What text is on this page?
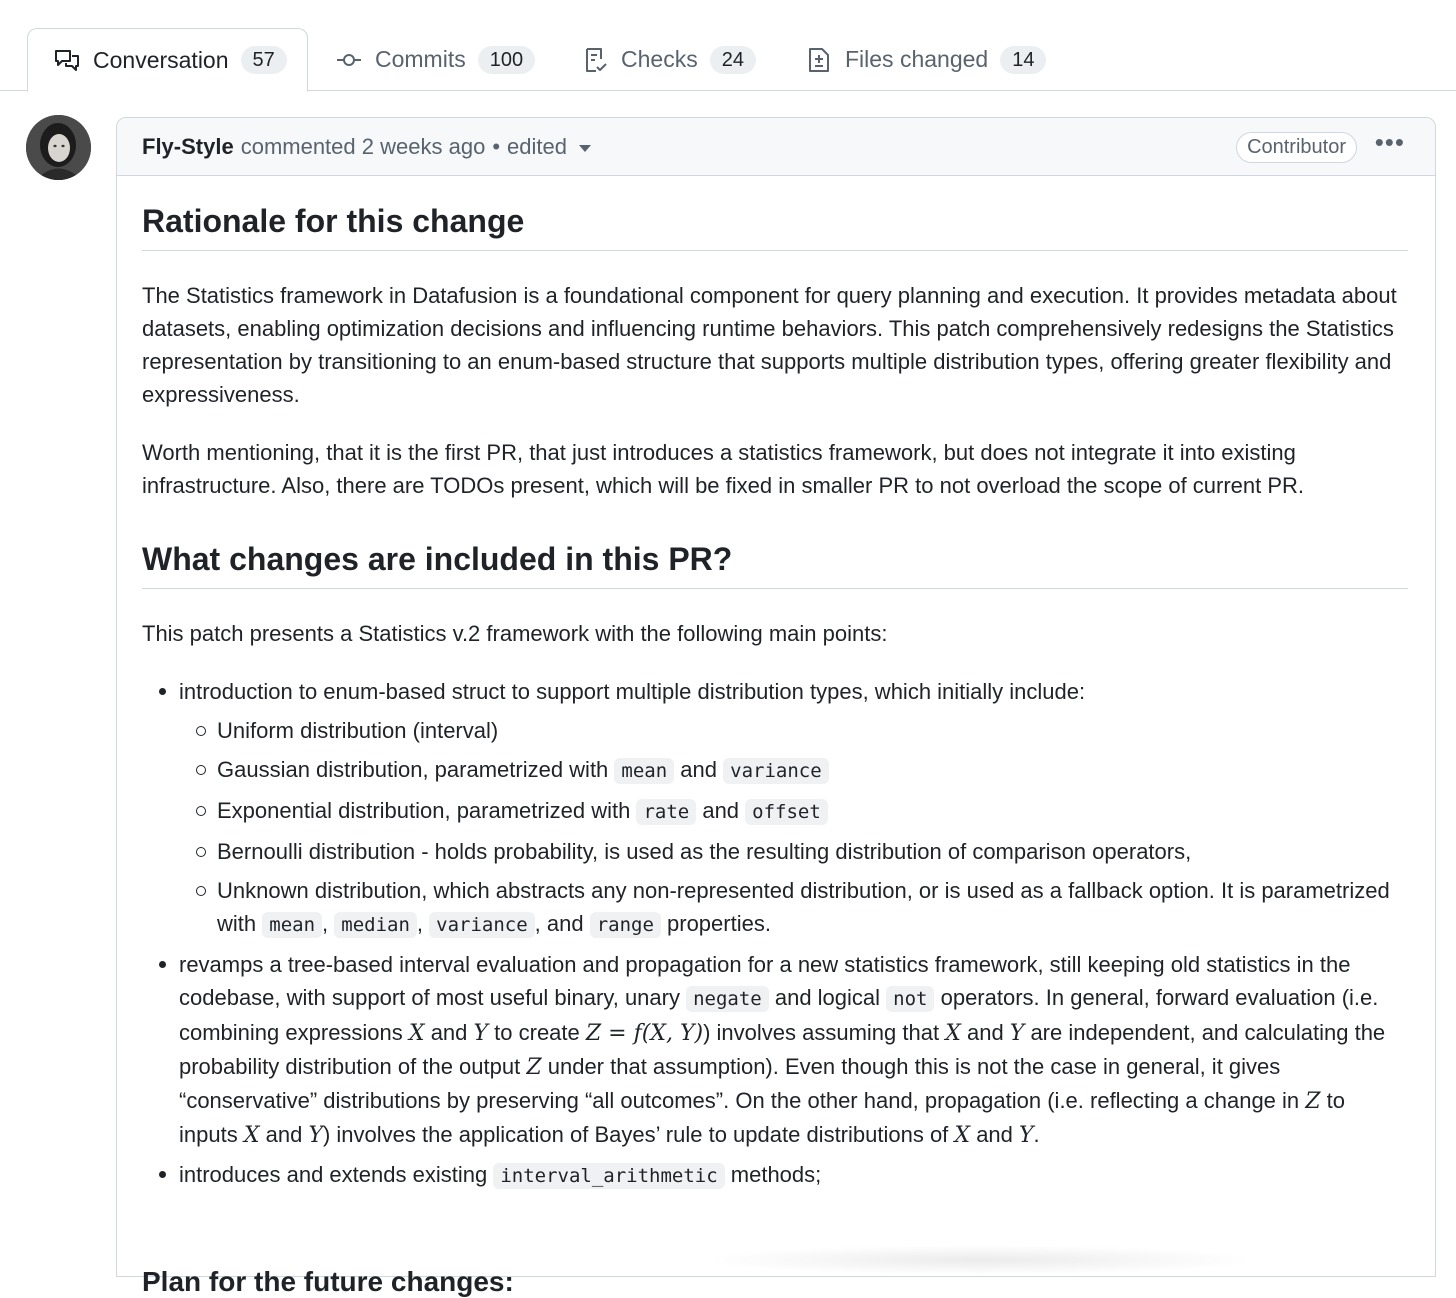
Conversation	57	Commits	100	Checks	24	Files changed	14
Fly-Style commented
2 weeks ago • edited	Contributor	•••
Rationale for this change

The Statistics framework in Datafusion is a foundational component for query planning and execution. It provides metadata about datasets, enabling optimization decisions and influencing runtime behaviors. This patch comprehensively redesigns the Statistics representation by transitioning to an enum-based structure that supports multiple distribution types, offering greater flexibility and expressiveness.

Worth mentioning, that it is the first PR, that just introduces a statistics framework, but does not integrate it into existing infrastructure. Also, there are TODOs present, which will be fixed in smaller PR to not overload the scope of current PR.

What changes are included in this PR?

This patch presents a Statistics v.2 framework with the following main points:

introduction to enum-based struct to support multiple distribution types, which initially include:
Uniform distribution (interval)
Gaussian distribution, parametrized with mean and variance
Exponential distribution, parametrized with rate and offset
Bernoulli distribution - holds probability, is used as the resulting distribution of comparison operators,
Unknown distribution, which abstracts any non-represented distribution, or is used as a fallback option. It is parametrized with mean , median , variance , and range properties.
revamps a tree-based interval evaluation and propagation for a new statistics framework, still keeping old statistics in the codebase, with support of most useful binary, unary negate and logical not operators. In general, forward evaluation (i.e. combining expressions X and Y to create Z = f(X, Y)) involves assuming that X and Y are independent, and calculating the probability distribution of the output Z under that assumption). Even though this is not the case in general, it gives “conservative” distributions by preserving “all outcomes”. On the other hand, propagation (i.e. reflecting a change in Z to inputs X and Y) involves the application of Bayes’ rule to update distributions of X and Y.
introduces and extends existing interval_arithmetic methods;
Plan for the future changes:
